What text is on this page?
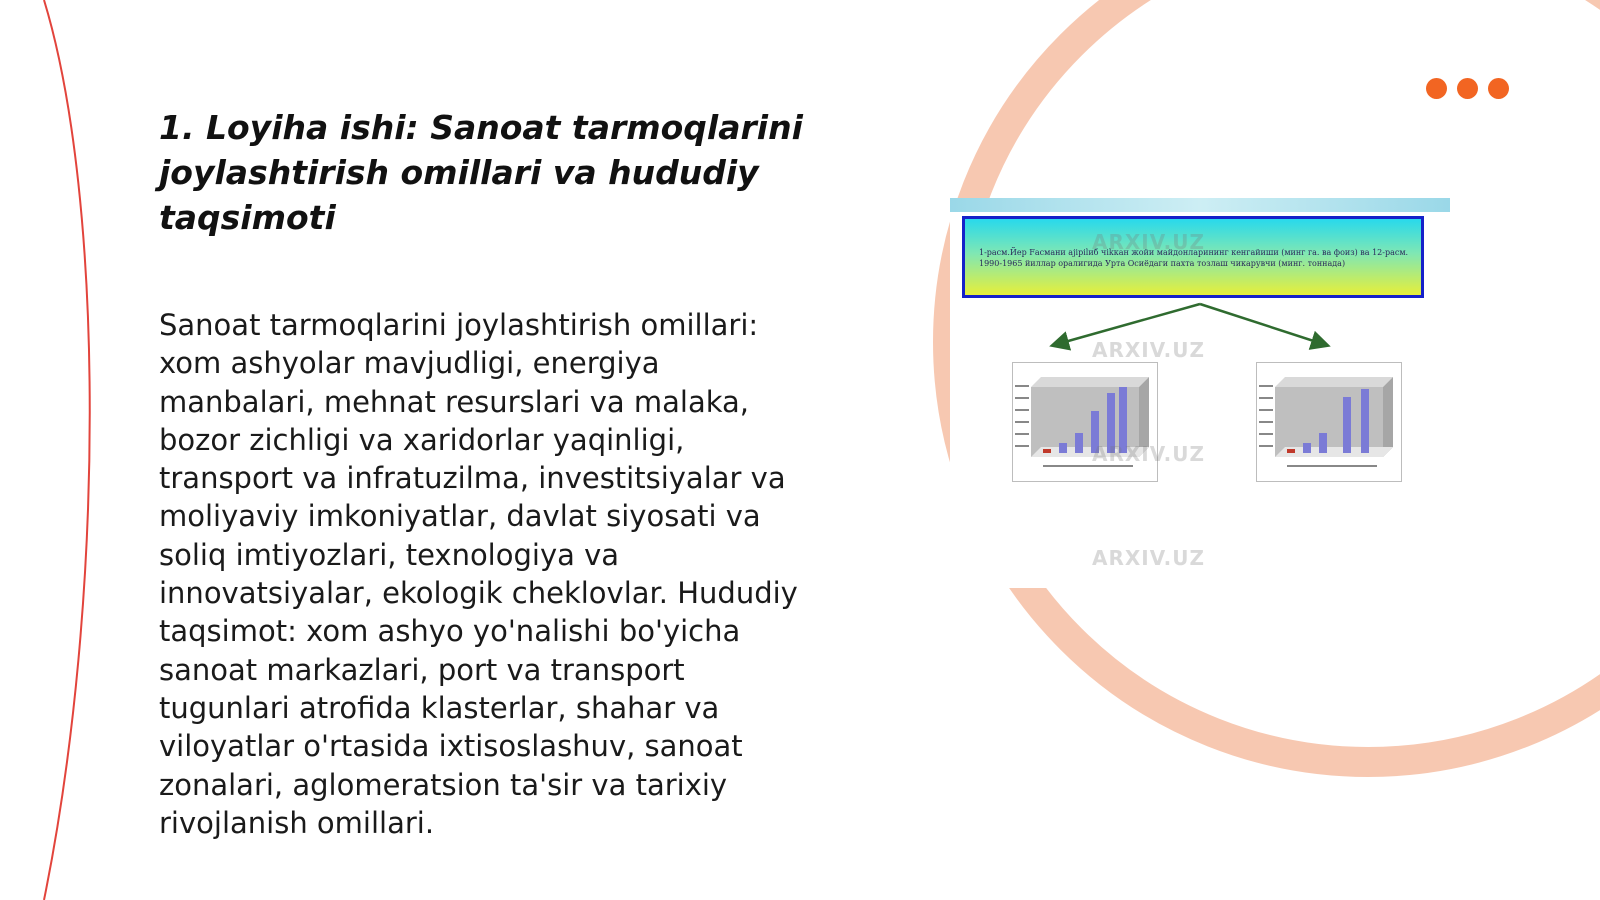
1. Loyiha ishi: Sanoat tarmoqlarini joylashtirish omillari va hududiy taqsimoti

Sanoat tarmoqlarini joylashtirish omillari: xom ashyolar mavjudligi, energiya manbalari, mehnat resurslari va malaka, bozor zichligi va xaridorlar yaqinligi, transport va infratuzilma, investitsiyalar va moliyaviy imkoniyatlar, davlat siyosati va soliq imtiyozlari, texnologiya va innovatsiyalar, ekologik cheklovlar. Hududiy taqsimot: xom ashyo yo'nalishi bo'yicha sanoat markazlari, port va transport tugunlari atrofida klasterlar, shahar va viloyatlar o'rtasida ixtisoslashuv, sanoat zonalari, aglomeratsion ta'sir va tarixiy rivojlanish omillari.

1-расм.Йер Fасмани ajiрilиб чikкан жoйи майдонларининг кенгайиши (минг га. ва фоиз) ва 12-расм. 1990-1965 йиллар оралигида Урта Осиёдаги пахта тозлаш чикарувчи (минг. тоннада)
ARXIV.UZ
ARXIV.UZ
ARXIV.UZ
ARXIV.UZ
